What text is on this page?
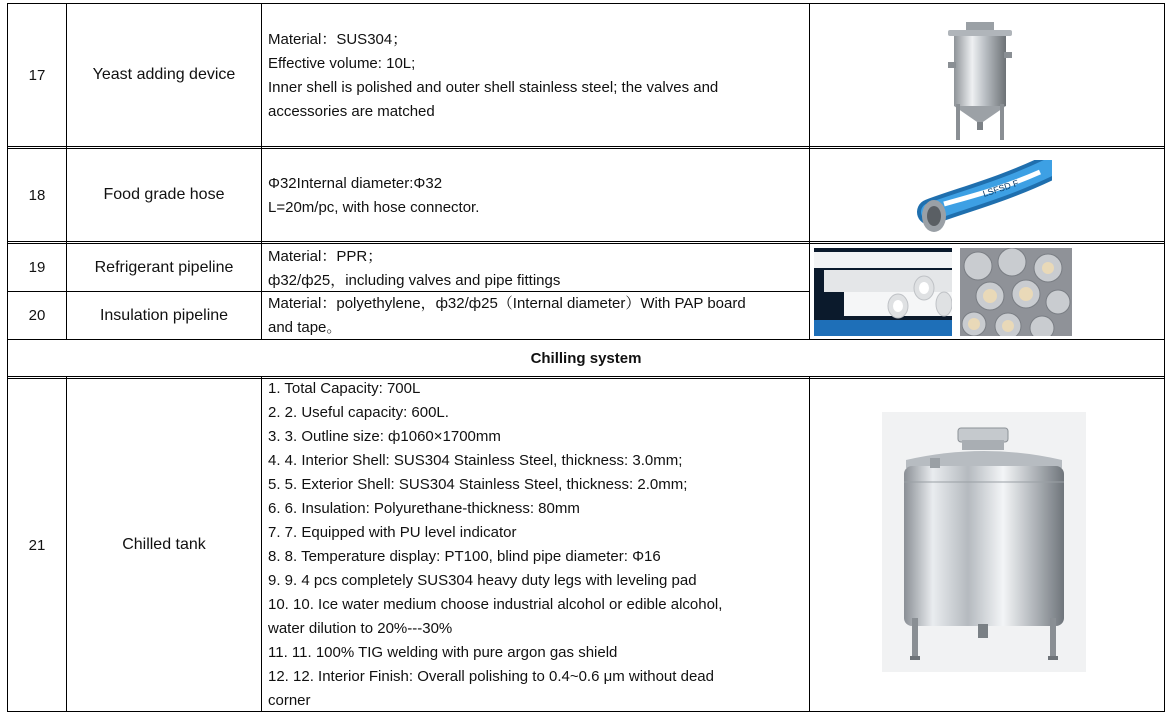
17	Yeast adding device
Material：SUS304；
Effective volume: 10L;
Inner shell is polished and outer shell stainless steel; the valves and
accessories are matched
18	Food grade hose
Φ32Internal diameter:Φ32
L=20m/pc, with hose connector.
LSFSD F
19	Refrigerant pipeline
Material：PPR；
ф32/ф25，including valves and pipe fittings
20	Insulation pipeline
Material：polyethylene，ф32/ф25（Internal diameter）With PAP board
and tape。
Chilling system
21	Chilled tank
1. Total Capacity: 700L
2. 2. Useful capacity: 600L.
3. 3. Outline size: ф1060×1700mm
4. 4. Interior Shell: SUS304 Stainless Steel, thickness: 3.0mm;
5. 5. Exterior Shell: SUS304 Stainless Steel, thickness: 2.0mm;
6. 6. Insulation: Polyurethane-thickness: 80mm
7. 7. Equipped with PU level indicator
8. 8. Temperature display: PT100, blind pipe diameter: Φ16
9. 9. 4 pcs completely SUS304 heavy duty legs with leveling pad
10. 10. Ice water medium choose industrial alcohol or edible alcohol,
water dilution to 20%---30%
11. 11. 100% TIG welding with pure argon gas shield
12. 12. Interior Finish: Overall polishing to 0.4~0.6 μm without dead
corner
